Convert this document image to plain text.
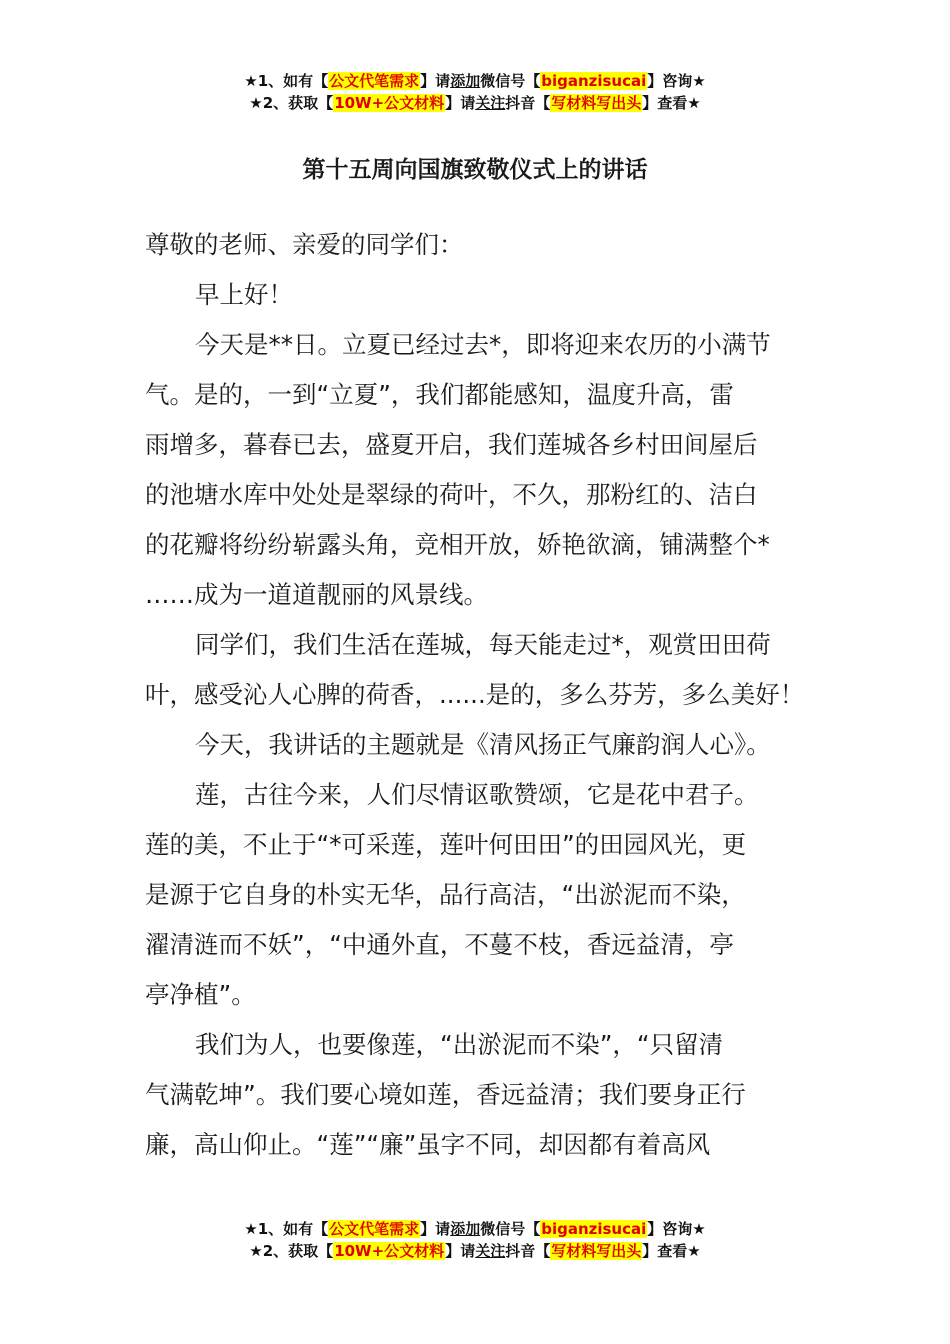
★1、如有【公文代笔需求】请添加微信号【biganzisucai】咨询★
★2、获取【10W+公文材料】请关注抖音【写材料写出头】查看★
第十五周向国旗致敬仪式上的讲话

尊敬的老师、亲爱的同学们：

早上好！

今天是**日。立夏已经过去*，即将迎来农历的小满节

气。是的，一到“立夏”，我们都能感知，温度升高，雷

雨增多，暮春已去，盛夏开启，我们莲城各乡村田间屋后

的池塘水库中处处是翠绿的荷叶，不久，那粉红的、洁白

的花瓣将纷纷崭露头角，竞相开放，娇艳欲滴，铺满整个*

……成为一道道靓丽的风景线。

同学们，我们生活在莲城，每天能走过*，观赏田田荷

叶，感受沁人心脾的荷香，......是的，多么芬芳，多么美好！

今天，我讲话的主题就是《清风扬正气廉韵润人心》。

莲，古往今来，人们尽情讴歌赞颂，它是花中君子。

莲的美，不止于“*可采莲，莲叶何田田”的田园风光，更

是源于它自身的朴实无华，品行高洁，“出淤泥而不染，

濯清涟而不妖”，“中通外直，不蔓不枝，香远益清，亭

亭净植”。

我们为人，也要像莲，“出淤泥而不染”，“只留清

气满乾坤”。我们要心境如莲，香远益清；我们要身正行

廉，高山仰止。“莲”“廉”虽字不同，却因都有着高风

★1、如有【公文代笔需求】请添加微信号【biganzisucai】咨询★
★2、获取【10W+公文材料】请关注抖音【写材料写出头】查看★
